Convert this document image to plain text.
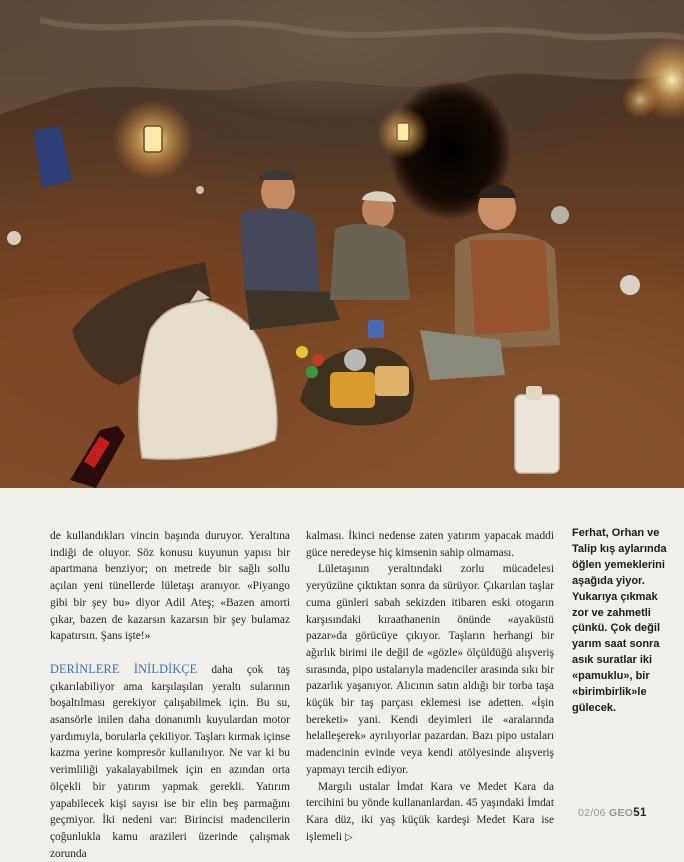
de kullandıkları vincin başında duruyor. Yeraltına indiği de oluyor. Söz konusu kuyunun yapısı bir apartmana benziyor; on metrede bir sağlı sollu açılan yeni tünellerde lületaşı aranıyor. «Piyango gibi bir şey bu» diyor Adil Ateş; «Bazen amorti çıkar, bazen de kazarsın kazarsın bir şey bulamaz kapatırsın. Şans işte!»

DERİNLERE İNİLDİKÇE daha çok taş çıkarılabiliyor ama karşılaşılan yeraltı sularının boşaltılması gerekiyor çalışabilmek için. Bu su, asansörle inilen daha donanımlı kuyulardan motor yardımıyla, borularla çekiliyor. Taşları kırmak içinse kazma yerine kompresör kullanılıyor. Ne var ki bu verimliliği yakalayabilmek için en azından orta ölçekli bir yatırım yapmak gerekli. Yatırım yapabilecek kişi sayısı ise bir elin beş parmağını geçmiyor. İki nedeni var: Birincisi madencilerin çoğunlukla kamu arazileri üzerinde çalışmak zorunda

kalması. İkinci nedense zaten yatırım yapacak maddi güce neredeyse hiç kimsenin sahip olmaması.

Lületaşının yeraltındaki zorlu mücadelesi yeryüzüne çıktıktan sonra da sürüyor. Çıkarılan taşlar cuma günleri sabah sekizden itibaren eski otogarın karşısındaki kıraathanenin önünde «ayaküstü pazar»da görücüye çıkıyor. Taşların herhangi bir ağırlık birimi ile değil de «gözle» ölçüldüğü alışveriş sırasında, pipo ustalarıyla madenciler arasında sıkı bir pazarlık yaşanıyor. Alıcının satın aldığı bir torba taşa küçük bir taş parçası eklemesi ise adetten. «İşin bereketi» yani. Kendi deyimleri ile «aralarında helalleşerek» ayrılıyorlar pazardan. Bazı pipo ustaları madencinin evinde veya kendi atölyesinde alışveriş yapmayı tercih ediyor.

Margılı ustalar İmdat Kara ve Medet Kara da tercihini bu yönde kullananlardan. 45 yaşındaki İmdat Kara düz, iki yaş küçük kardeşi Medet Kara ise işlemeli ▷

Ferhat, Orhan ve Talip kış aylarında öğlen yemeklerini aşağıda yiyor. Yukarıya çıkmak zor ve zahmetli çünkü. Çok değil yarım saat sonra asık suratlar iki «pamuklu», bir «birimbirlik»le gülecek.
02/06 GEO51
